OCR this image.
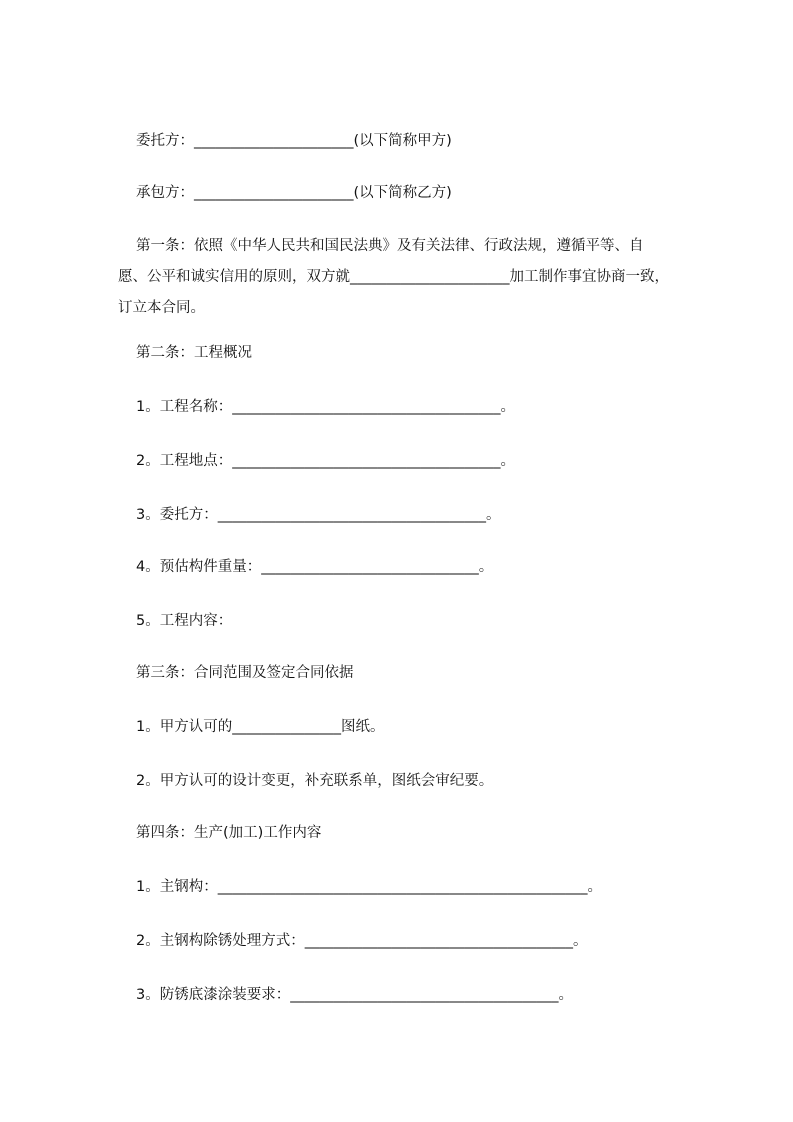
委托方：______________________(以下简称甲方)
承包方：______________________(以下简称乙方)
第一条：依照《中华人民共和国民法典》及有关法律、行政法规，遵循平等、自
愿、公平和诚实信用的原则，双方就______________________加工制作事宜协商一致，
订立本合同。
第二条：工程概况
1。工程名称：_____________________________________。
2。工程地点：_____________________________________。
3。委托方：_____________________________________。
4。预估构件重量：______________________________。
5。工程内容：
第三条：合同范围及签定合同依据
1。甲方认可的_______________图纸。
2。甲方认可的设计变更，补充联系单，图纸会审纪要。
第四条：生产(加工)工作内容
1。主钢构：___________________________________________________。
2。主钢构除锈处理方式：_____________________________________。
3。防锈底漆涂装要求：_____________________________________。
